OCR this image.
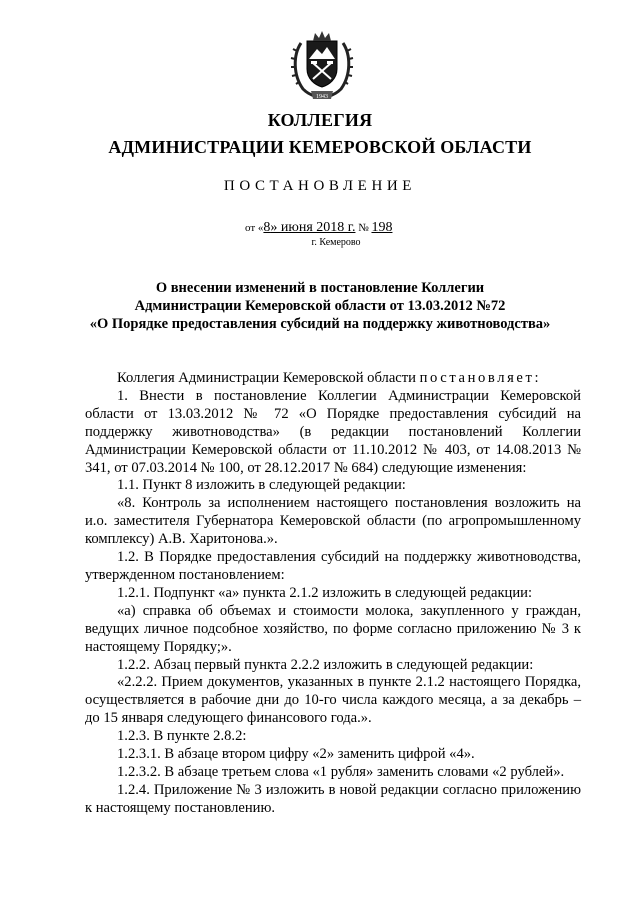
1943
КОЛЛЕГИЯ
АДМИНИСТРАЦИИ КЕМЕРОВСКОЙ ОБЛАСТИ
ПОСТАНОВЛЕНИЕ
от «8» июня 2018 г. № 198
г. Кемерово
О внесении изменений в постановление Коллегии
Администрации Кемеровской области от 13.03.2012 №72
«О Порядке предоставления субсидий на поддержку животноводства»

Коллегия Администрации Кемеровской области постановляет:

1. Внести в постановление Коллегии Администрации Кемеровской области от 13.03.2012 № 72 «О Порядке предоставления субсидий на поддержку животноводства» (в редакции постановлений Коллегии Администрации Кемеровской области от 11.10.2012 № 403, от 14.08.2013 № 341, от 07.03.2014 № 100, от 28.12.2017 № 684) следующие изменения:

1.1. Пункт 8 изложить в следующей редакции:

«8. Контроль за исполнением настоящего постановления возложить на и.о. заместителя Губернатора Кемеровской области (по агропромышленному комплексу) А.В. Харитонова.».

1.2. В Порядке предоставления субсидий на поддержку животноводства, утвержденном постановлением:

1.2.1. Подпункт «а» пункта 2.1.2 изложить в следующей редакции:

«а) справка об объемах и стоимости молока, закупленного у граждан, ведущих личное подсобное хозяйство, по форме согласно приложению № 3 к настоящему Порядку;».

1.2.2. Абзац первый пункта 2.2.2 изложить в следующей редакции:

«2.2.2. Прием документов, указанных в пункте 2.1.2 настоящего Порядка, осуществляется в рабочие дни до 10-го числа каждого месяца, а за декабрь – до 15 января следующего финансового года.».

1.2.3. В пункте 2.8.2:

1.2.3.1. В абзаце втором цифру «2» заменить цифрой «4».

1.2.3.2. В абзаце третьем слова «1 рубля» заменить словами «2 рублей».

1.2.4. Приложение № 3 изложить в новой редакции согласно приложению к настоящему постановлению.
